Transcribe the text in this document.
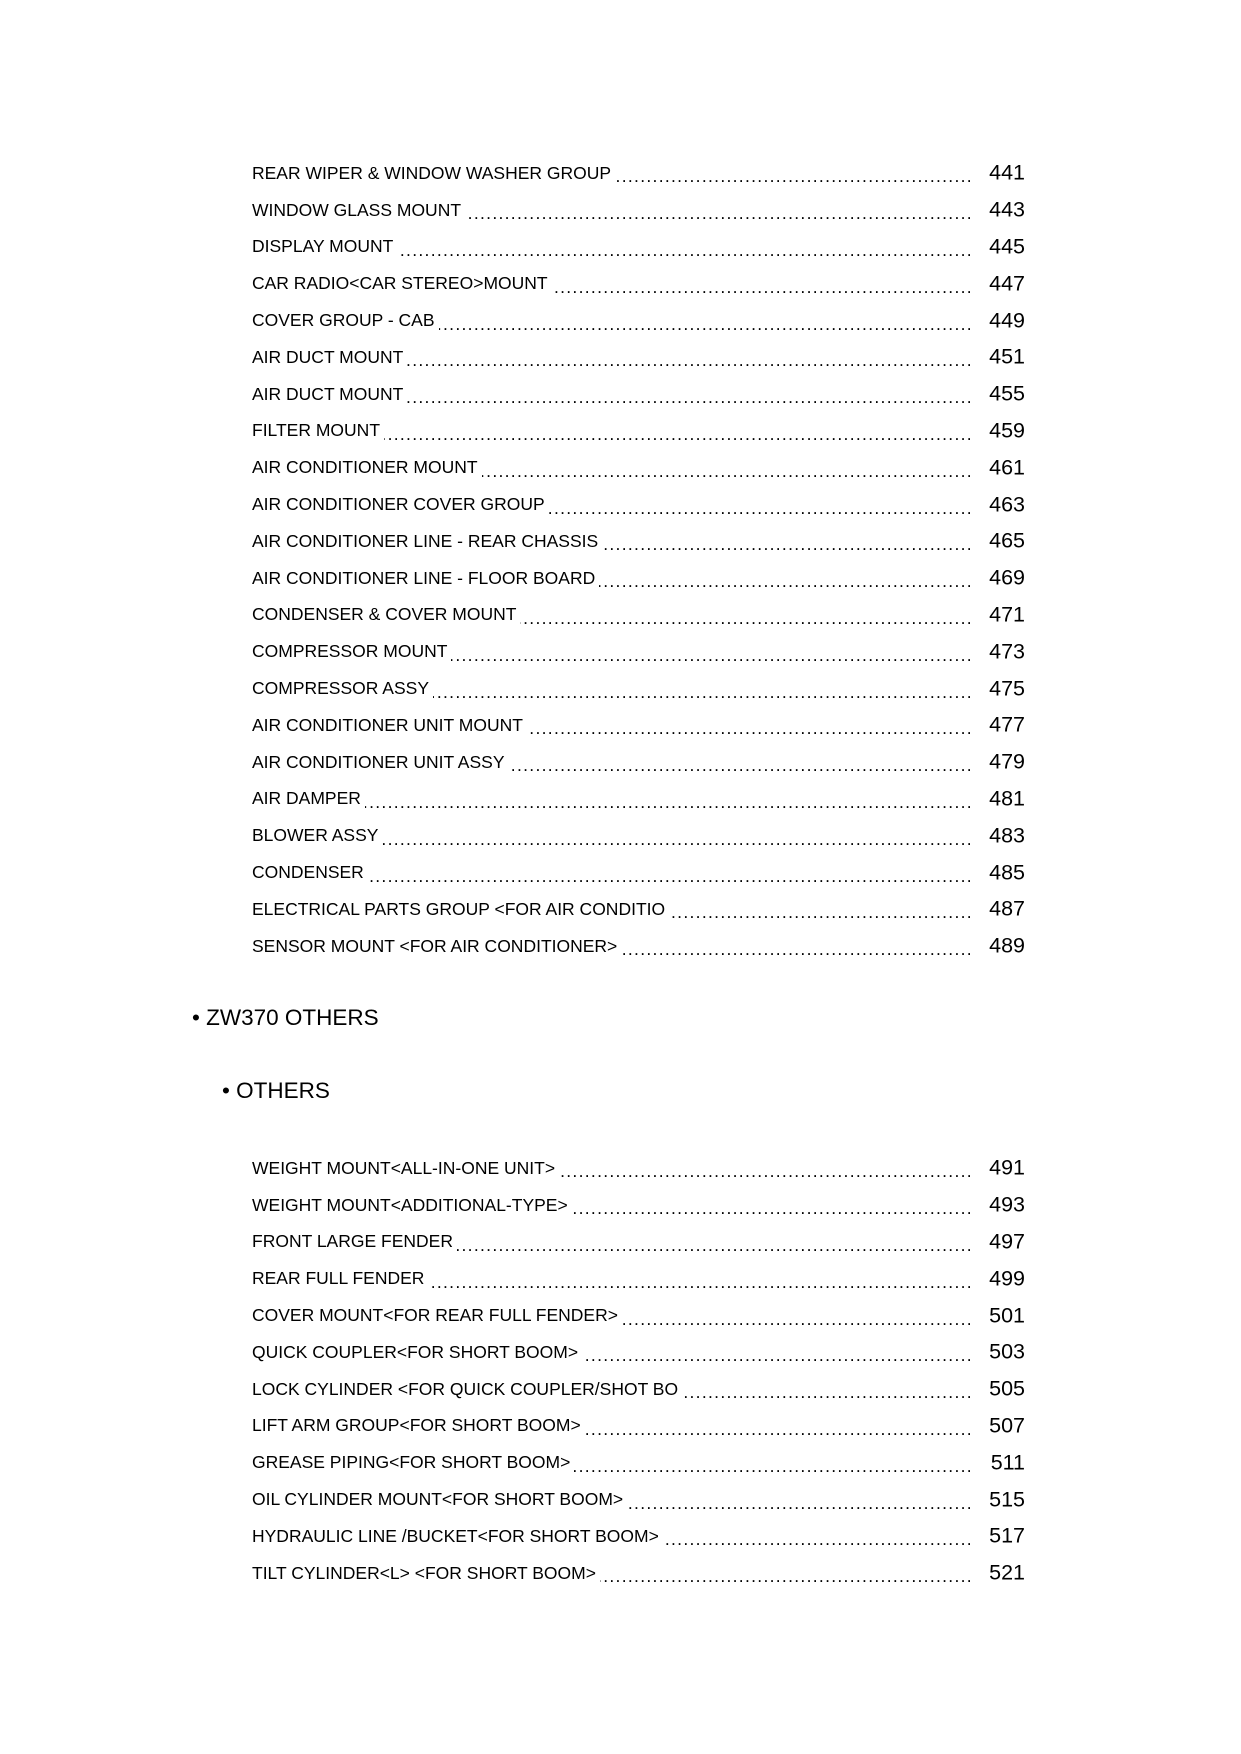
.....
REAR WIPER & WINDOW WASHER GROUP	441
.....
WINDOW GLASS MOUNT	443
.....
DISPLAY MOUNT	445
.....
CAR RADIO<CAR STEREO>MOUNT	447
.....
COVER GROUP - CAB	449
.....
AIR DUCT MOUNT	451
.....
AIR DUCT MOUNT	455
.....
FILTER MOUNT	459
.....
AIR CONDITIONER MOUNT	461
.....
AIR CONDITIONER COVER GROUP	463
.....
AIR CONDITIONER LINE - REAR CHASSIS	465
.....
AIR CONDITIONER LINE - FLOOR BOARD	469
.....
CONDENSER & COVER MOUNT	471
.....
COMPRESSOR MOUNT	473
.....
COMPRESSOR ASSY	475
.....
AIR CONDITIONER UNIT MOUNT	477
.....
AIR CONDITIONER UNIT ASSY	479
.....
AIR DAMPER	481
.....
BLOWER ASSY	483
.....
CONDENSER	485
.....
ELECTRICAL PARTS GROUP <FOR AIR CONDITIO	487
.....
SENSOR MOUNT <FOR AIR CONDITIONER>	489
• ZW370 OTHERS
• OTHERS
.....
WEIGHT MOUNT<ALL-IN-ONE UNIT>	491
.....
WEIGHT MOUNT<ADDITIONAL-TYPE>	493
.....
FRONT LARGE FENDER	497
.....
REAR FULL FENDER	499
.....
COVER MOUNT<FOR REAR FULL FENDER>	501
.....
QUICK COUPLER<FOR SHORT BOOM>	503
.....
LOCK CYLINDER <FOR QUICK COUPLER/SHOT BO	505
.....
LIFT ARM GROUP<FOR SHORT BOOM>	507
.....
GREASE PIPING<FOR SHORT BOOM>	511
.....
OIL CYLINDER MOUNT<FOR SHORT BOOM>	515
.....
HYDRAULIC LINE /BUCKET<FOR SHORT BOOM>	517
.....
TILT CYLINDER<L> <FOR SHORT BOOM>	521
